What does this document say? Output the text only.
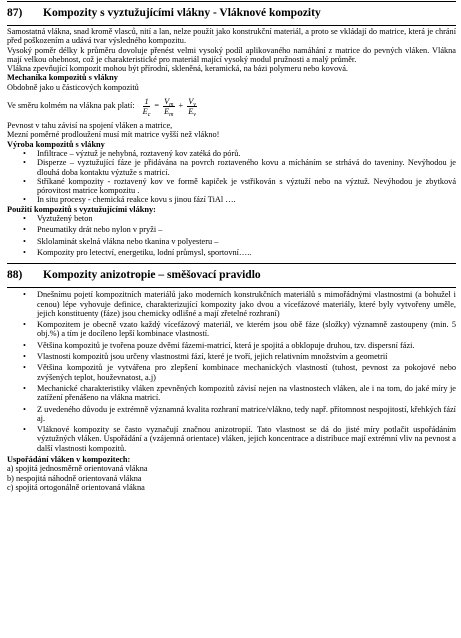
87)	Kompozity s vyztužujícími vlákny - Vláknové kompozity

Samostatná vlákna, snad kromě vlasců, nití a lan, nelze použít jako konstrukční materiál, a proto se vkládají do matrice, která je chrání před poškozením a udává tvar výsledného kompozitu.

Vysoký poměr délky k průměru dovoluje přenést velmi vysoký podíl aplikovaného namáhání z matrice do pevných vláken. Vlákna mají velkou ohebnost, což je charakteristické pro materiál mající vysoký modul pružnosti a malý průměr.

Vlákna zpevňující kompozit mohou být přírodní, skleněná, keramická, na bázi polymeru nebo kovová.

Mechanika kompozitů s vlákny

Obdobně jako u částicových kompozitů

Ve směru kolmém na vlákna pak platí: $\frac{1}{E_c} = \frac{V_m}{E_m} + \frac{V_v}{E_v}$

Pevnost v tahu závisí na spojení vláken a matrice,

Mezní poměrné prodloužení musí mít matrice vyšší než vlákno!

Výroba kompozitů s vlákny

• Infiltrace – výztuž je nehybná, roztavený kov zatéká do pórů.
• Disperze – vyztužující fáze je přidávána na povrch roztaveného kovu a mícháním se strhává do taveniny. Nevýhodou je dlouhá doba kontaktu výztuže s matricí.
• Stříkané kompozity - roztavený kov ve formě kapiček je vstřikován s výztuží nebo na výztuž. Nevýhodou je zbytková pórovitost matrice kompozitu .
• In situ procesy - chemická reakce kovu s jinou fází TiAl ….

Použití kompozitů s vyztužujícími vlákny:

• Vyztužený beton
• Pneumatiky drát nebo nylon v pryži –
• Sklolaminát skelná vlákna nebo tkanina v polyesteru –
• Kompozity pro letectví, energetiku, lodní průmysl, sportovní…..
88)	Kompozity anizotropie – směšovací pravidlo
• Dnešnímu pojetí kompozitních materiálů jako moderních konstrukčních materiálů s mimořádnými vlastnostmi (a bohužel i cenou) lépe vyhovuje definice, charakterizující kompozity jako dvou a vícefázové materiály, které byly vytvořeny uměle, jejich konstituenty (fáze) jsou chemicky odlišné a mají zřetelné rozhraní)
• Kompozitem je obecně vzato každý vícefázový materiál, ve kterém jsou obě fáze (složky) významně zastoupeny (min. 5 obj.%) a tím je docíleno lepší kombinace vlastností.
• Většina kompozitů je tvořena pouze dvěmi fázemi-matricí, která je spojitá a obklopuje druhou, tzv. dispersní fázi.
• Vlastnosti kompozitů jsou určeny vlastnostmi fází, které je tvoří, jejich relativním množstvím a geometrií
• Většina kompozitů je vytvářena pro zlepšení kombinace mechanických vlastností (tuhost, pevnost za pokojové nebo zvýšených teplot, houževnatost, a.j)
• Mechanické charakteristiky vláken zpevněných kompozitů závisí nejen na vlastnostech vláken, ale i na tom, do jaké míry je zatížení přenášeno na vlákna matricí.
• Z uvedeného důvodu je extrémně významná kvalita rozhraní matrice/vlákno, tedy např. přítomnost nespojitostí, křehkých fází aj.
• Vláknové kompozity se často vyznačují značnou anizotropií. Tato vlastnost se dá do jisté míry potlačit uspořádáním výztužných vláken. Uspořádání a (vzájemná orientace) vláken, jejich koncentrace a distribuce mají extrémní vliv na pevnost a další vlastnosti kompozitů.

Uspořádání vláken v kompozitech:

a) spojitá jednosměrně orientovaná vlákna

b) nespojitá náhodně orientovaná vlákna

c) spojitá ortogonálně orientovaná vlákna
